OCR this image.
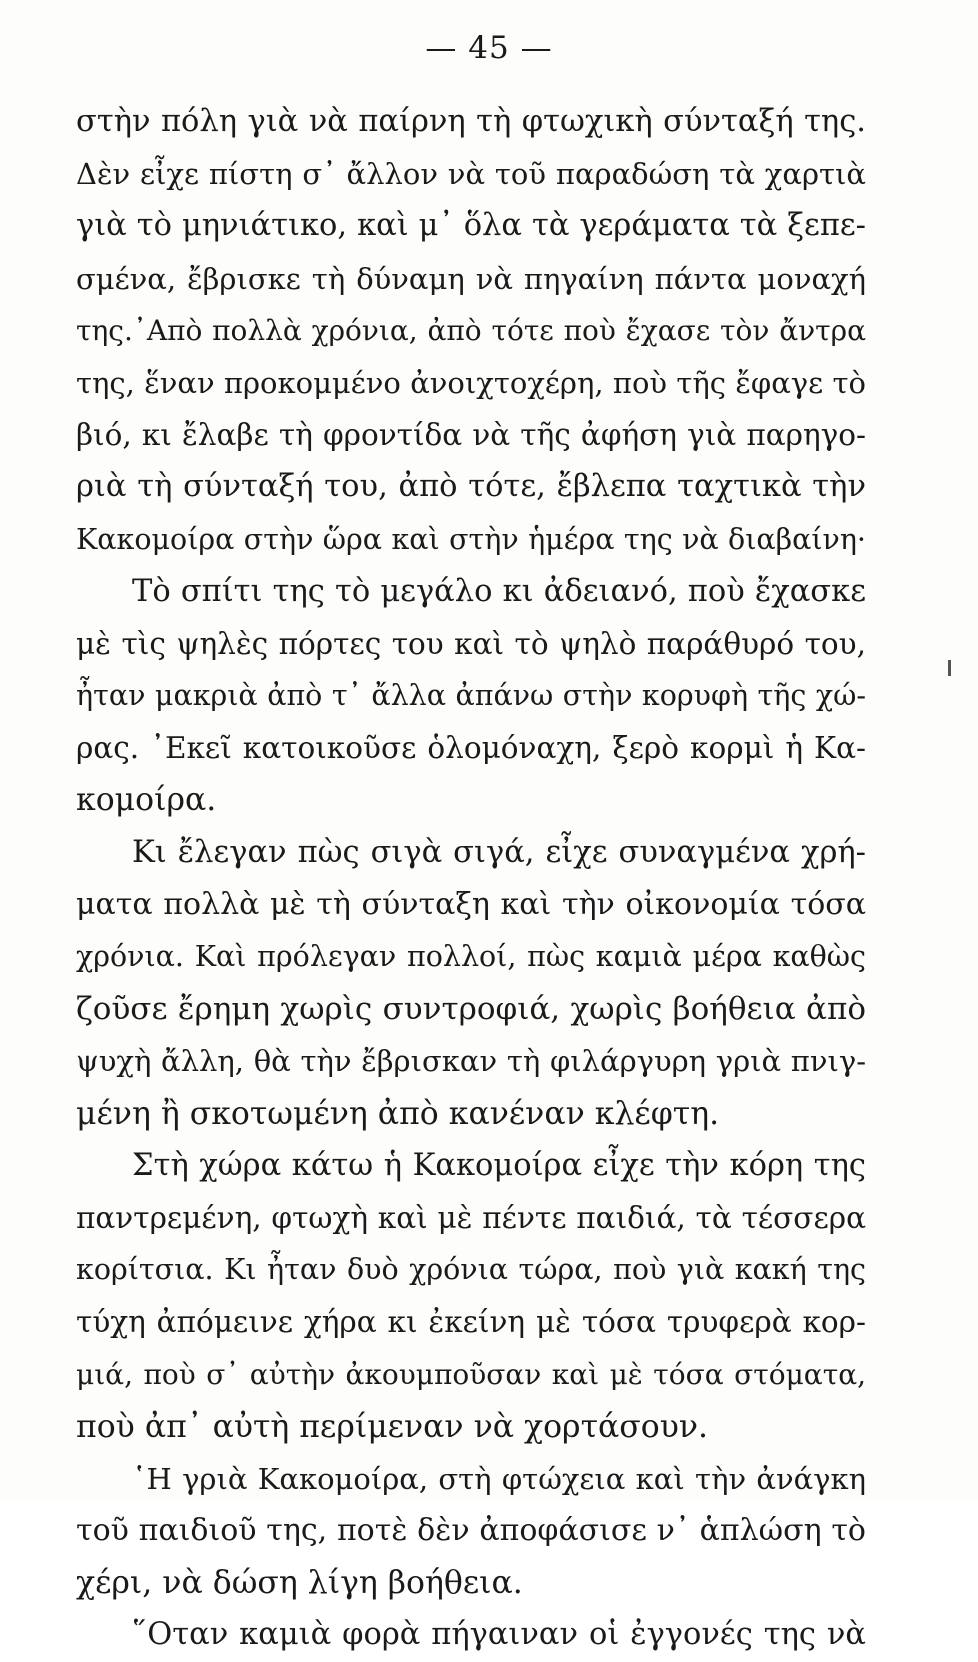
— 45 —
στὴν πόλη γιὰ νὰ παίρνη τὴ φτωχικὴ σύνταξή της.
Δὲν εἶχε πίστη σ᾽ ἄλλον νὰ τοῦ παραδώση τὰ χαρτιὰ
γιὰ τὸ μηνιάτικο, καὶ μ᾽ ὅλα τὰ γεράματα τὰ ξεπε-
σμένα, ἔβρισκε τὴ δύναμη νὰ πηγαίνη πάντα μοναχή
της.᾽Απὸ πολλὰ χρόνια, ἀπὸ τότε ποὺ ἔχασε τὸν ἄντρα
της, ἕναν προκομμένο ἀνοιχτοχέρη, ποὺ τῆς ἔφαγε τὸ
βιό, κι ἔλαβε τὴ φροντίδα νὰ τῆς ἀφήση γιὰ παρηγο-
ριὰ τὴ σύνταξή του, ἀπὸ τότε, ἔβλεπα ταχτικὰ τὴν
Κακομοίρα στὴν ὥρα καὶ στὴν ἡμέρα της νὰ διαβαίνη·
Τὸ σπίτι της τὸ μεγάλο κι ἀδειανό, ποὺ ἔχασκε
μὲ τὶς ψηλὲς πόρτες του καὶ τὸ ψηλὸ παράθυρό του,
ἦταν μακριὰ ἀπὸ τ᾽ ἄλλα ἀπάνω στὴν κορυφὴ τῆς χώ-
ρας. ᾽Εκεῖ κατοικοῦσε ὁλομόναχη, ξερὸ κορμὶ ἡ Κα-
κομοίρα.
Κι ἔλεγαν πὼς σιγὰ σιγά, εἶχε συναγμένα χρή-
ματα πολλὰ μὲ τὴ σύνταξη καὶ τὴν οἰκονομία τόσα
χρόνια. Καὶ πρόλεγαν πολλοί, πὼς καμιὰ μέρα καθὼς
ζοῦσε ἔρημη χωρὶς συντροφιά, χωρὶς βοήθεια ἀπὸ
ψυχὴ ἄλλη, θὰ τὴν ἔβρισκαν τὴ φιλάργυρη γριὰ πνιγ-
μένη ἢ σκοτωμένη ἀπὸ κανέναν κλέφτη.
Στὴ χώρα κάτω ἡ Κακομοίρα εἶχε τὴν κόρη της
παντρεμένη, φτωχὴ καὶ μὲ πέντε παιδιά, τὰ τέσσερα
κορίτσια. Κι ἦταν δυὸ χρόνια τώρα, ποὺ γιὰ κακή της
τύχη ἀπόμεινε χήρα κι ἐκείνη μὲ τόσα τρυφερὰ κορ-
μιά, ποὺ σ᾽ αὐτὴν ἀκουμποῦσαν καὶ μὲ τόσα στόματα,
ποὺ ἀπ᾽ αὐτὴ περίμεναν νὰ χορτάσουν.
῾Η γριὰ Κακομοίρα, στὴ φτώχεια καὶ τὴν ἀνάγκη
τοῦ παιδιοῦ της, ποτὲ δὲν ἀποφάσισε ν᾽ ἁπλώση τὸ
χέρι, νὰ δώση λίγη βοήθεια.
῞Οταν καμιὰ φορὰ πήγαιναν οἱ ἐγγονές της νὰ
